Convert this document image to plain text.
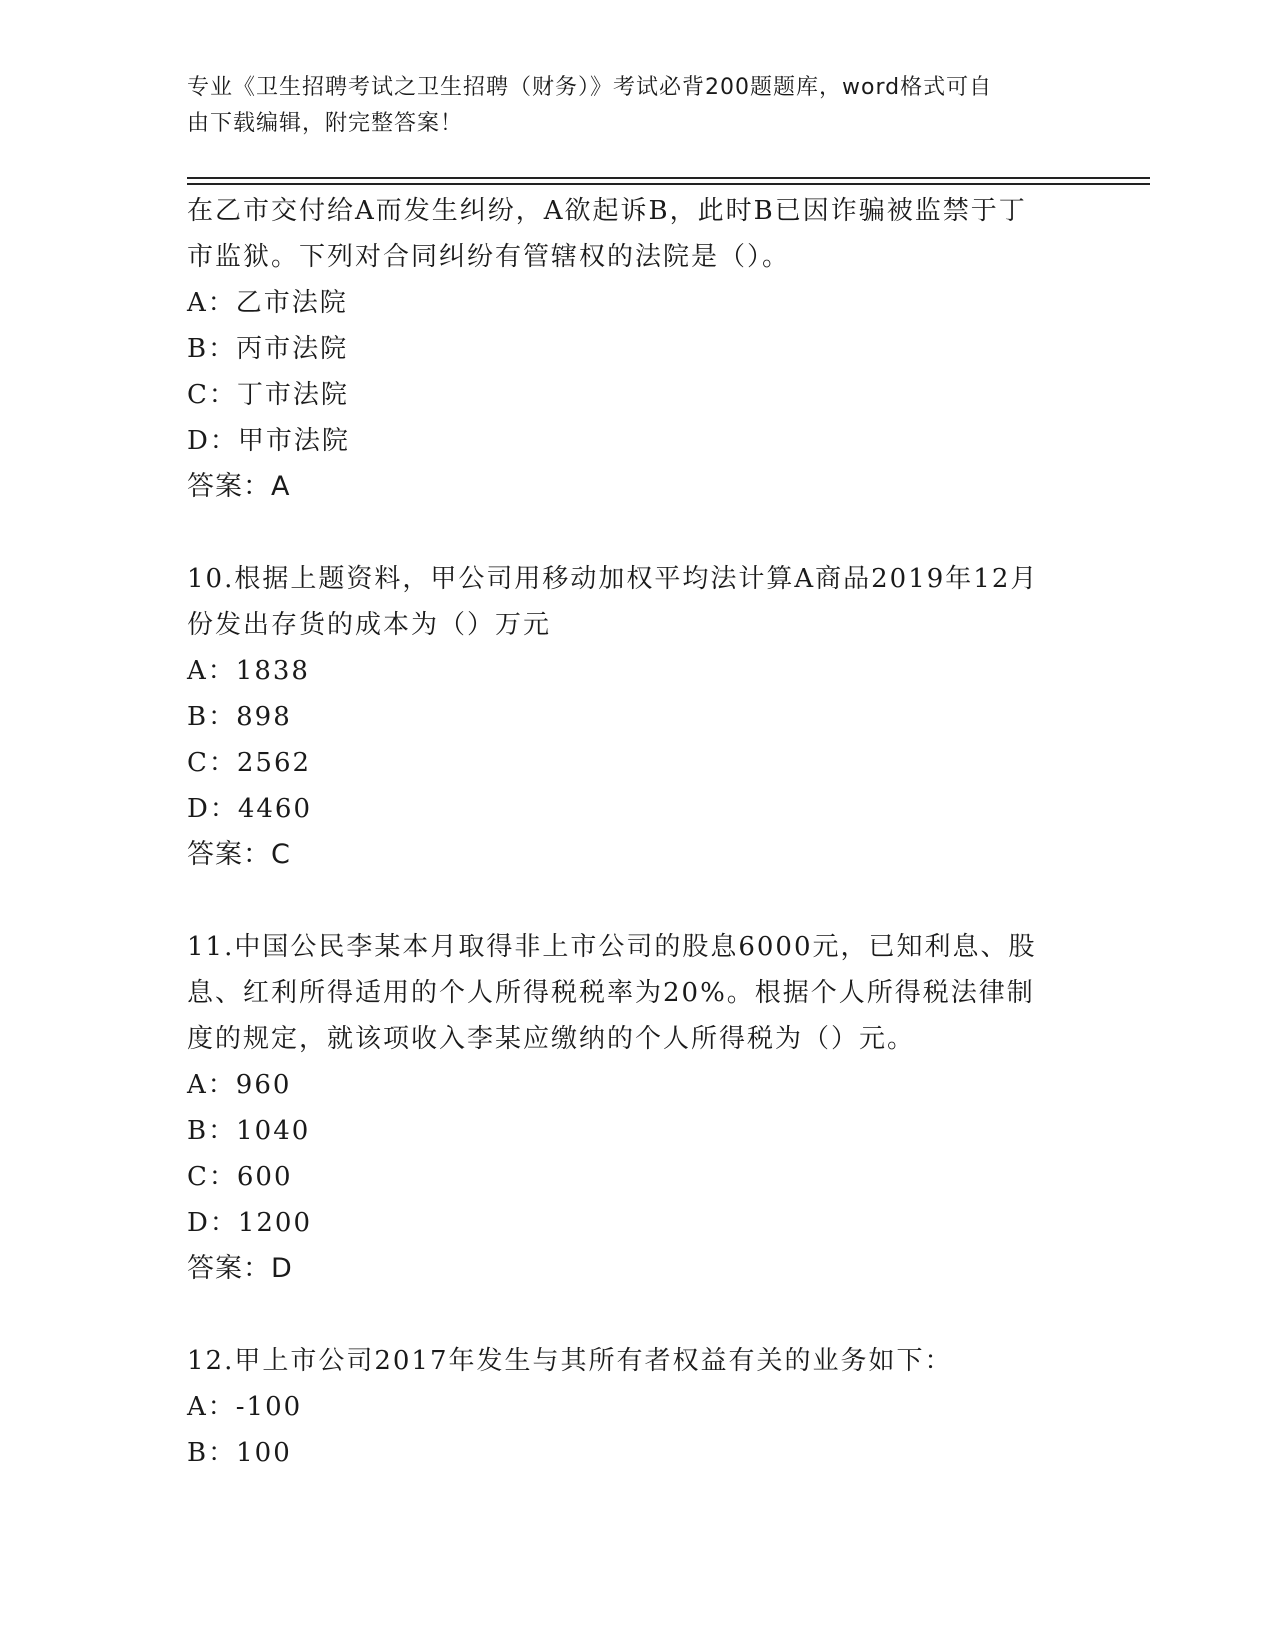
专业《卫生招聘考试之卫生招聘（财务）》考试必背200题题库，word格式可自
由下载编辑，附完整答案！
在乙市交付给A而发生纠纷，A欲起诉B，此时B已因诈骗被监禁于丁
市监狱。下列对合同纠纷有管辖权的法院是（）。
A：乙市法院
B：丙市法院
C：丁市法院
D：甲市法院
答案：A
10.根据上题资料，甲公司用移动加权平均法计算A商品2019年12月
份发出存货的成本为（）万元
A：1838
B：898
C：2562
D：4460
答案：C
11.中国公民李某本月取得非上市公司的股息6000元，已知利息、股
息、红利所得适用的个人所得税税率为20%。根据个人所得税法律制
度的规定，就该项收入李某应缴纳的个人所得税为（）元。
A：960
B：1040
C：600
D：1200
答案：D
12.甲上市公司2017年发生与其所有者权益有关的业务如下：
A：-100
B：100
